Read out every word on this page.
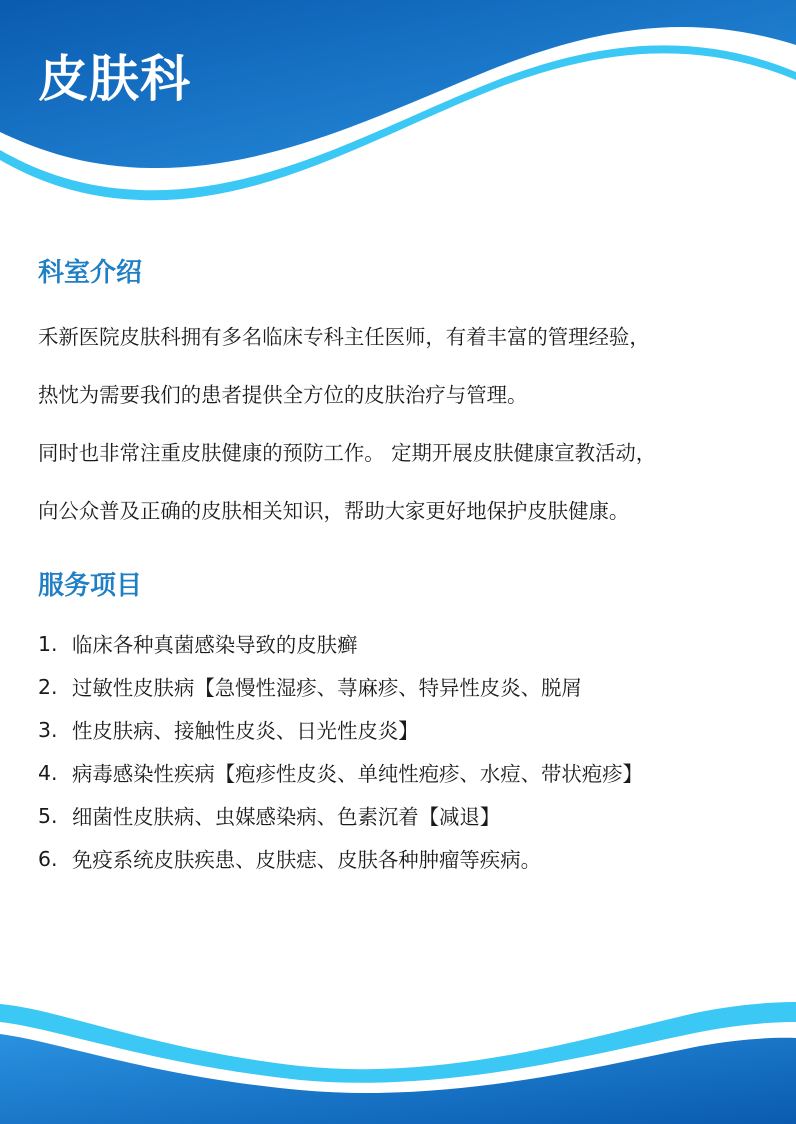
皮肤科
科室介绍

禾新医院皮肤科拥有多名临床专科主任医师，有着丰富的管理经验，

热忱为需要我们的患者提供全方位的皮肤治疗与管理。

同时也非常注重皮肤健康的预防工作。 定期开展皮肤健康宣教活动，

向公众普及正确的皮肤相关知识，帮助大家更好地保护皮肤健康。

服务项目
1. 临床各种真菌感染导致的皮肤癣
2. 过敏性皮肤病【急慢性湿疹、荨麻疹、特异性皮炎、脱屑
3. 性皮肤病、接触性皮炎、日光性皮炎】
4. 病毒感染性疾病【疱疹性皮炎、单纯性疱疹、水痘、带状疱疹】
5. 细菌性皮肤病、虫媒感染病、色素沉着【减退】
6. 免疫系统皮肤疾患、皮肤痣、皮肤各种肿瘤等疾病。
